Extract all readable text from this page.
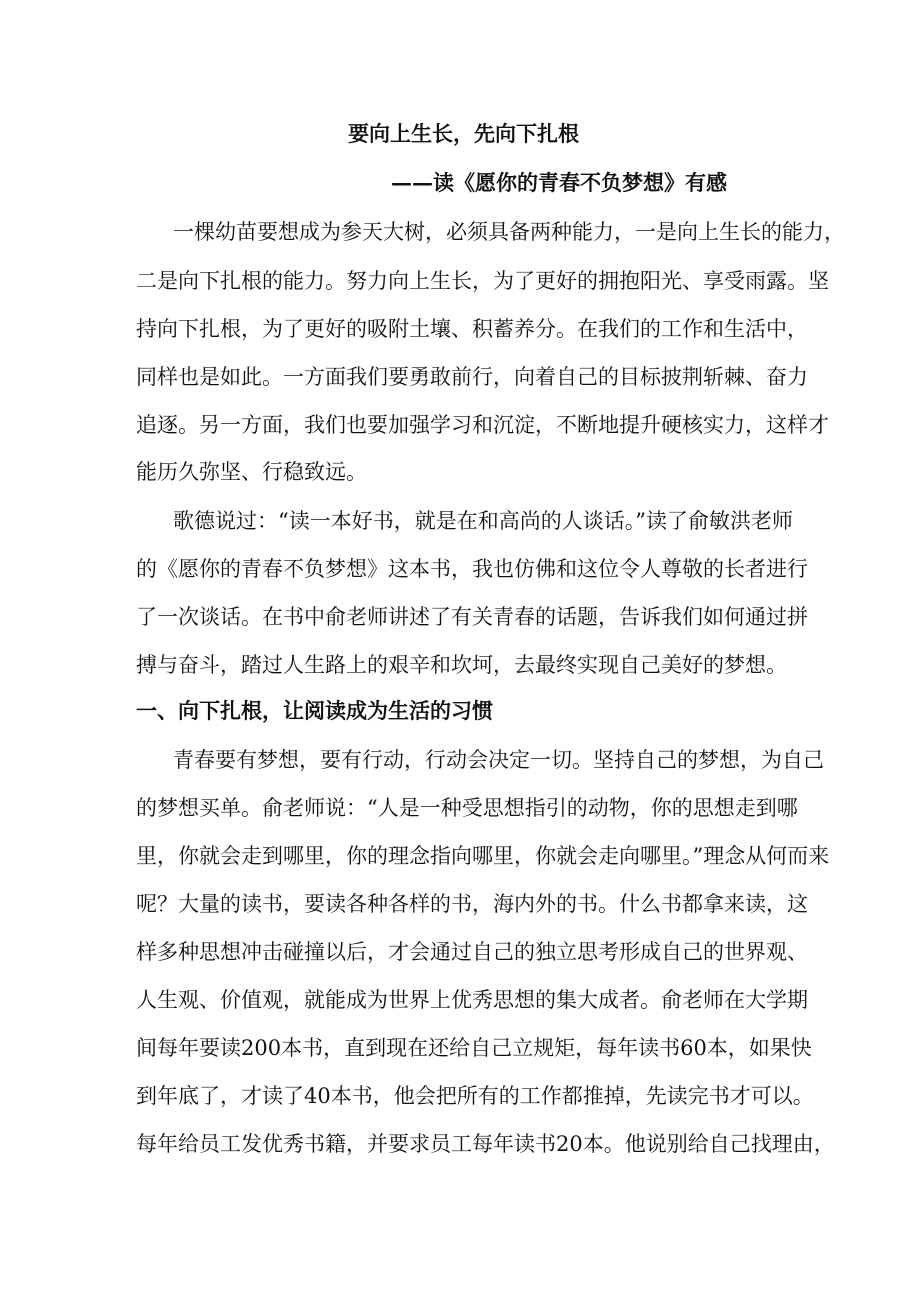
要向上生长，先向下扎根
——读《愿你的青春不负梦想》有感
一棵幼苗要想成为参天大树，必须具备两种能力，一是向上生长的能力，
二是向下扎根的能力。努力向上生长，为了更好的拥抱阳光、享受雨露。坚
持向下扎根，为了更好的吸附土壤、积蓄养分。在我们的工作和生活中，
同样也是如此。一方面我们要勇敢前行，向着自己的目标披荆斩棘、奋力
追逐。另一方面，我们也要加强学习和沉淀，不断地提升硬核实力，这样才
能历久弥坚、行稳致远。
歌德说过：“读一本好书，就是在和高尚的人谈话。”读了俞敏洪老师
的《愿你的青春不负梦想》这本书，我也仿佛和这位令人尊敬的长者进行
了一次谈话。在书中俞老师讲述了有关青春的话题，告诉我们如何通过拼
搏与奋斗，踏过人生路上的艰辛和坎坷，去最终实现自己美好的梦想。
一、向下扎根，让阅读成为生活的习惯
青春要有梦想，要有行动，行动会决定一切。坚持自己的梦想，为自己
的梦想买单。俞老师说：“人是一种受思想指引的动物，你的思想走到哪
里，你就会走到哪里，你的理念指向哪里，你就会走向哪里。”理念从何而来
呢？大量的读书，要读各种各样的书，海内外的书。什么书都拿来读，这
样多种思想冲击碰撞以后，才会通过自己的独立思考形成自己的世界观、
人生观、价值观，就能成为世界上优秀思想的集大成者。俞老师在大学期
间每年要读200本书，直到现在还给自己立规矩，每年读书60本，如果快
到年底了，才读了40本书，他会把所有的工作都推掉，先读完书才可以。
每年给员工发优秀书籍，并要求员工每年读书20本。他说别给自己找理由，
